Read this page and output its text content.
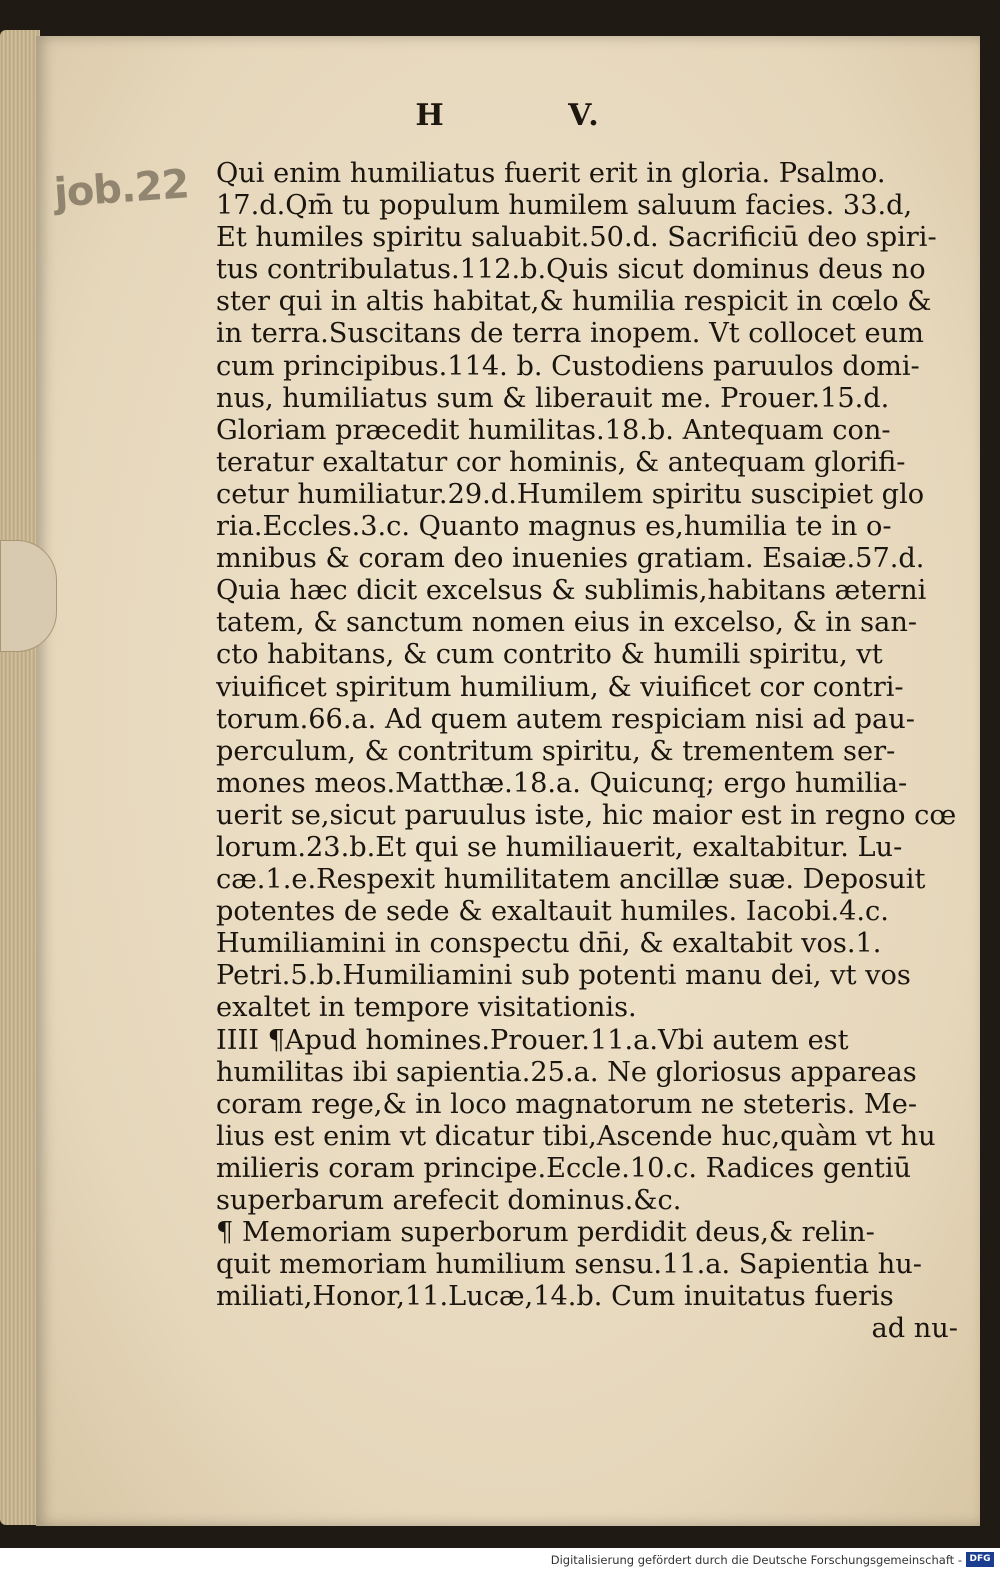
job.22
H	V.
Qui enim humiliatus fuerit erit in gloria. Psalmo.
17.d.Qm̄ tu populum humilem saluum facies. 33.d,
Et humiles spiritu saluabit.50.d. Sacrificiū deo spiri-
tus contribulatus.112.b.Quis sicut dominus deus no
ster qui in altis habitat,& humilia respicit in cœlo &
in terra.Suscitans de terra inopem. Vt collocet eum
cum principibus.114. b. Custodiens paruulos domi-
nus, humiliatus sum & liberauit me. Prouer.15.d.
Gloriam præcedit humilitas.18.b. Antequam con-
teratur exaltatur cor hominis, & antequam glorifi-
cetur humiliatur.29.d.Humilem spiritu suscipiet glo
ria.Eccles.3.c. Quanto magnus es,humilia te in o-
mnibus & coram deo inuenies gratiam. Esaiæ.57.d.
Quia hæc dicit excelsus & sublimis,habitans æterni
tatem, & sanctum nomen eius in excelso, & in san-
cto habitans, & cum contrito & humili spiritu, vt
viuificet spiritum humilium, & viuificet cor contri-
torum.66.a. Ad quem autem respiciam nisi ad pau-
perculum, & contritum spiritu, & trementem ser-
mones meos.Matthæ.18.a. Quicunq; ergo humilia-
uerit se,sicut paruulus iste, hic maior est in regno cœ
lorum.23.b.Et qui se humiliauerit, exaltabitur. Lu-
cæ.1.e.Respexit humilitatem ancillæ suæ. Deposuit
potentes de sede & exaltauit humiles. Iacobi.4.c.
Humiliamini in conspectu dn̄i, & exaltabit vos.1.
Petri.5.b.Humiliamini sub potenti manu dei, vt vos
exaltet in tempore visitationis.
IIII ¶Apud homines.Prouer.11.a.Vbi autem est
humilitas ibi sapientia.25.a. Ne gloriosus appareas
coram rege,& in loco magnatorum ne steteris. Me-
lius est enim vt dicatur tibi,Ascende huc,quàm vt hu
milieris coram principe.Eccle.10.c. Radices gentiū
superbarum arefecit dominus.&c.
¶ Memoriam superborum perdidit deus,& relin-
quit memoriam humilium sensu.11.a. Sapientia hu-
miliati,Honor,11.Lucæ,14.b. Cum inuitatus fueris
ad nu-
Digitalisierung gefördert durch die Deutsche Forschungsgemeinschaft - DFG
